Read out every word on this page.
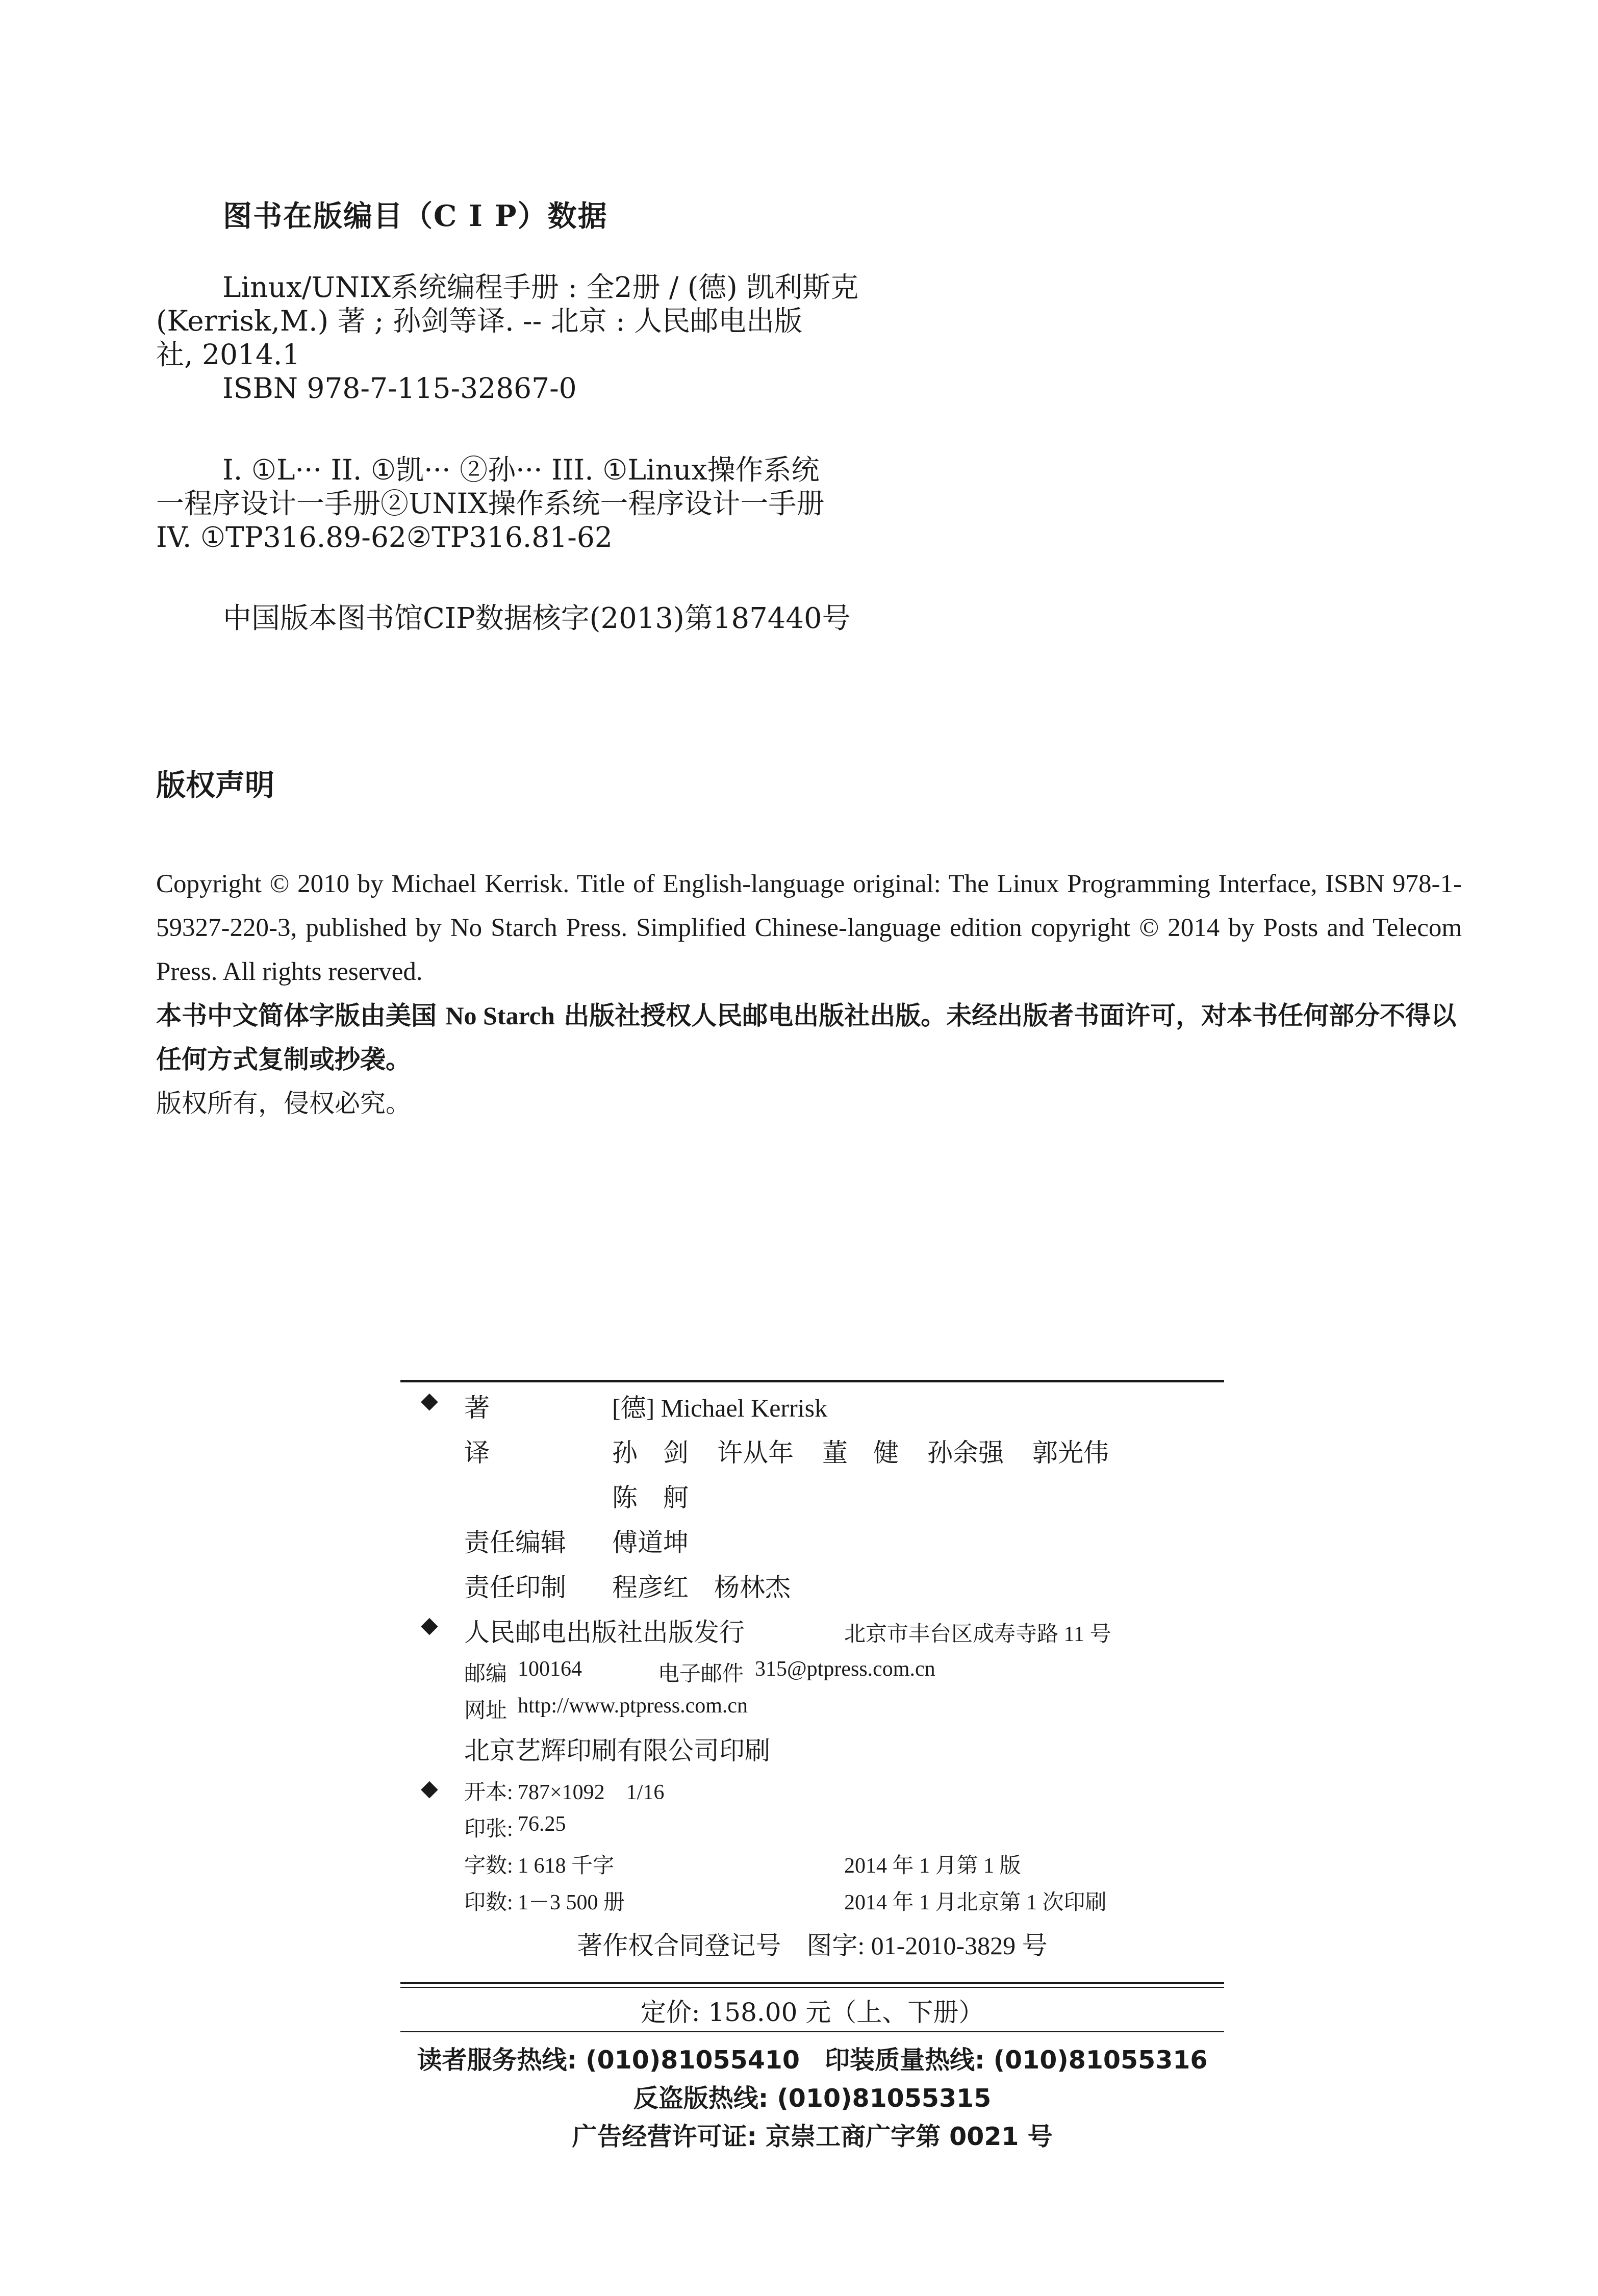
图书在版编目（C I P）数据
Linux/UNIX系统编程手册 : 全2册 / (德) 凯利斯克
(Kerrisk,M.) 著 ; 孙剑等译. -- 北京 : 人民邮电出版
社, 2014.1
ISBN 978-7-115-32867-0
I. ①L··· II. ①凯··· ②孙··· III. ①Linux操作系统
一程序设计一手册②UNIX操作系统一程序设计一手册
IV. ①TP316.89-62②TP316.81-62
中国版本图书馆CIP数据核字(2013)第187440号
版权声明
Copyright © 2010 by Michael Kerrisk. Title of English-language original: The Linux Programming Interface, ISBN 978-1-59327-220-3, published by No Starch Press. Simplified Chinese-language edition copyright © 2014 by Posts and Telecom Press. All rights reserved.
本书中文简体字版由美国 No Starch 出版社授权人民邮电出版社出版。未经出版者书面许可，对本书任何部分不得以任何方式复制或抄袭。
版权所有，侵权必究。
◆ 著	[德] Michael Kerrisk
译	孙　剑 许从年 董　健 孙余强 郭光伟
陈　舸
责任编辑 傅道坤
责任印制 程彦红　杨林杰
◆ 人民邮电出版社出版发行	北京市丰台区成寿寺路 11 号
邮编 100164	电子邮件 315@ptpress.com.cn
网址 http://www.ptpress.com.cn
北京艺辉印刷有限公司印刷
◆ 开本: 787×1092　1/16
印张: 76.25
字数: 1 618 千字	2014 年 1 月第 1 版
印数: 1－3 500 册	2014 年 1 月北京第 1 次印刷
著作权合同登记号　图字: 01-2010-3829 号
定价: 158.00 元（上、下册）
读者服务热线: (010)81055410　印装质量热线: (010)81055316
反盗版热线: (010)81055315
广告经营许可证: 京崇工商广字第 0021 号
